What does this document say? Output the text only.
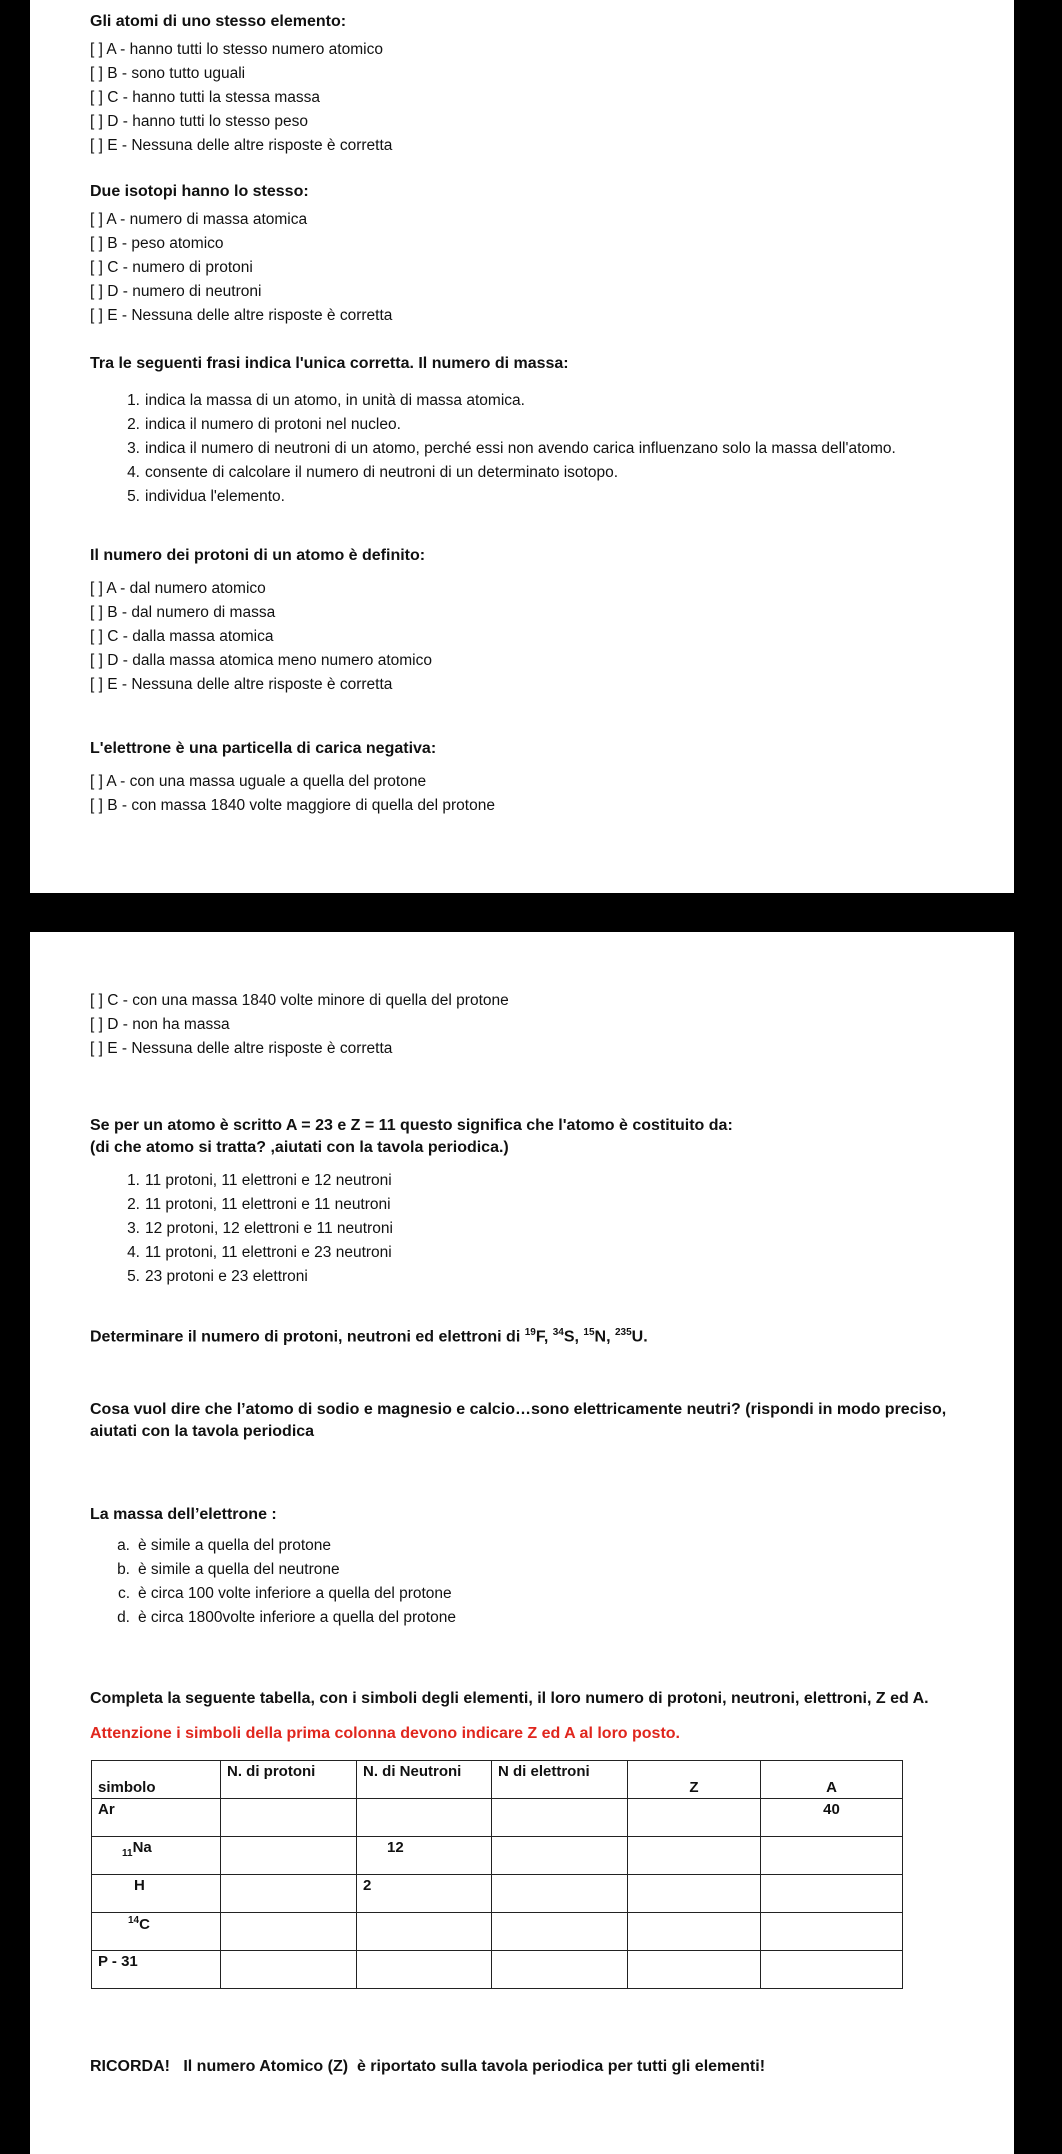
Gli atomi di uno stesso elemento:

[ ] A - hanno tutti lo stesso numero atomico

[ ] B - sono tutto uguali

[ ] C - hanno tutti la stessa massa

[ ] D - hanno tutti lo stesso peso

[ ] E - Nessuna delle altre risposte è corretta

Due isotopi hanno lo stesso:

[ ] A - numero di massa atomica

[ ] B - peso atomico

[ ] C - numero di protoni

[ ] D - numero di neutroni

[ ] E - Nessuna delle altre risposte è corretta

Tra le seguenti frasi indica l'unica corretta. Il numero di massa:

1. indica la massa di un atomo, in unità di massa atomica.
2. indica il numero di protoni nel nucleo.
3. indica il numero di neutroni di un atomo, perché essi non avendo carica influenzano solo la massa dell'atomo.
4. consente di calcolare il numero di neutroni di un determinato isotopo.
5. individua l'elemento.

Il numero dei protoni di un atomo è definito:

[ ] A - dal numero atomico

[ ] B - dal numero di massa

[ ] C - dalla massa atomica

[ ] D - dalla massa atomica meno numero atomico

[ ] E - Nessuna delle altre risposte è corretta

L'elettrone è una particella di carica negativa:

[ ] A - con una massa uguale a quella del protone

[ ] B - con massa 1840 volte maggiore di quella del protone

[ ] C - con una massa 1840 volte minore di quella del protone

[ ] D - non ha massa

[ ] E - Nessuna delle altre risposte è corretta

Se per un atomo è scritto A = 23 e Z = 11 questo significa che l'atomo è costituito da:

(di che atomo si tratta? ,aiutati con la tavola periodica.)

1. 11 protoni, 11 elettroni e 12 neutroni
2. 11 protoni, 11 elettroni e 11 neutroni
3. 12 protoni, 12 elettroni e 11 neutroni
4. 11 protoni, 11 elettroni e 23 neutroni
5. 23 protoni e 23 elettroni

Determinare il numero di protoni, neutroni ed elettroni di $^{19}$F, $^{34}$S, $^{15}$N, $^{235}$U.

Cosa vuol dire che l’atomo di sodio e magnesio e calcio…sono elettricamente neutri? (rispondi in modo preciso,

aiutati con la tavola periodica

La massa dell’elettrone :

a. è simile a quella del protone
b. è simile a quella del neutrone
c. è circa 100 volte inferiore a quella del protone
d. è circa 1800volte inferiore a quella del protone

Completa la seguente tabella, con i simboli degli elementi, il loro numero di protoni, neutroni, elettroni, Z ed A.

Attenzione i simboli della prima colonna devono indicare Z ed A al loro posto.

simbolo	N. di protoni	N. di Neutroni	N di elettroni	Z	A
Ar					40
$_{11}$Na		12			
H		2			
$^{14}$C					
P - 31					

RICORDA!   Il numero Atomico (Z)  è riportato sulla tavola periodica per tutti gli elementi!
